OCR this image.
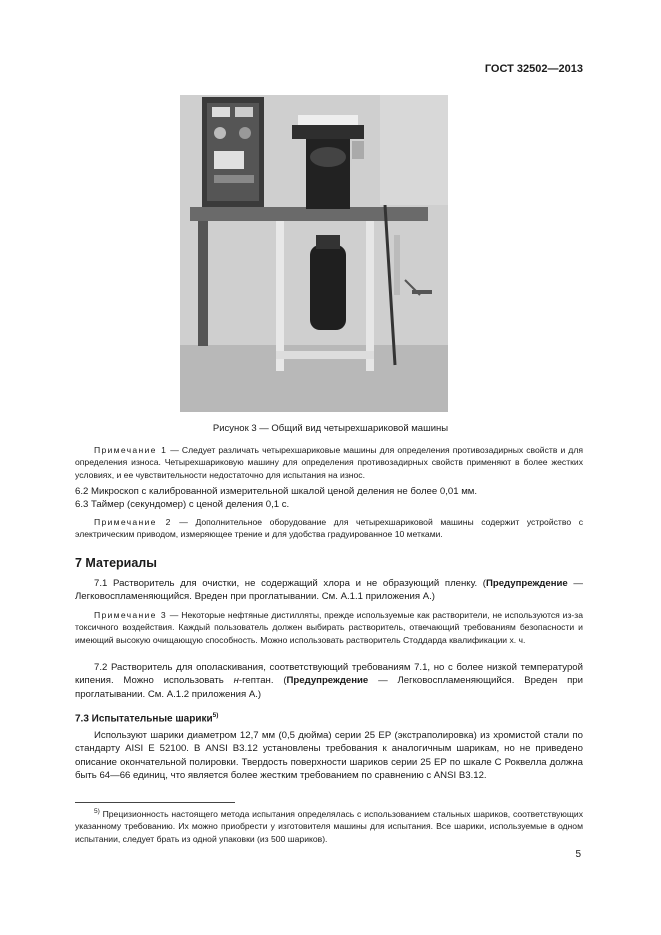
ГОСТ 32502—2013
Рисунок 3 — Общий вид четырехшариковой машины

Примечание 1 — Следует различать четырехшариковые машины для определения противозадирных свойств и для определения износа. Четырехшариковую машину для определения противозадирных свойств применяют в более жестких условиях, и ее чувствительности недостаточно для испытания на износ.

6.2 Микроскоп с калиброванной измерительной шкалой ценой деления не более 0,01 мм.

6.3 Таймер (секундомер) с ценой деления 0,1 с.

Примечание 2 — Дополнительное оборудование для четырехшариковой машины содержит устройство с электрическим приводом, измеряющее трение и для удобства градуированное 10 метками.

7 Материалы

7.1 Растворитель для очистки, не содержащий хлора и не образующий пленку. (Предупреждение — Легковоспламеняющийся. Вреден при проглатывании. См. А.1.1 приложения А.)

Примечание 3 — Некоторые нефтяные дистилляты, прежде используемые как растворители, не используются из-за токсичного воздействия. Каждый пользователь должен выбирать растворитель, отвечающий требованиям безопасности и имеющий высокую очищающую способность. Можно использовать растворитель Стоддарда квалификации х. ч.

7.2 Растворитель для ополаскивания, соответствующий требованиям 7.1, но с более низкой температурой кипения. Можно использовать н-гептан. (Предупреждение — Легковоспламеняющийся. Вреден при проглатывании. См. А.1.2 приложения А.)

7.3 Испытательные шарики$^{5)}$

Используют шарики диаметром 12,7 мм (0,5 дюйма) серии 25 ЕР (экстраполировка) из хромистой стали по стандарту AISI E 52100. В ANSI B3.12 установлены требования к аналогичным шарикам, но не приведено описание окончательной полировки. Твердость поверхности шариков серии 25 ЕР по шкале С Роквелла должна быть 64—66 единиц, что является более жестким требованием по сравнению с ANSI B3.12.

$^{5)}$ Прецизионность настоящего метода испытания определялась с использованием стальных шариков, соответствующих указанному требованию. Их можно приобрести у изготовителя машины для испытания. Все шарики, используемые в одном испытании, следует брать из одной упаковки (из 500 шариков).

5
